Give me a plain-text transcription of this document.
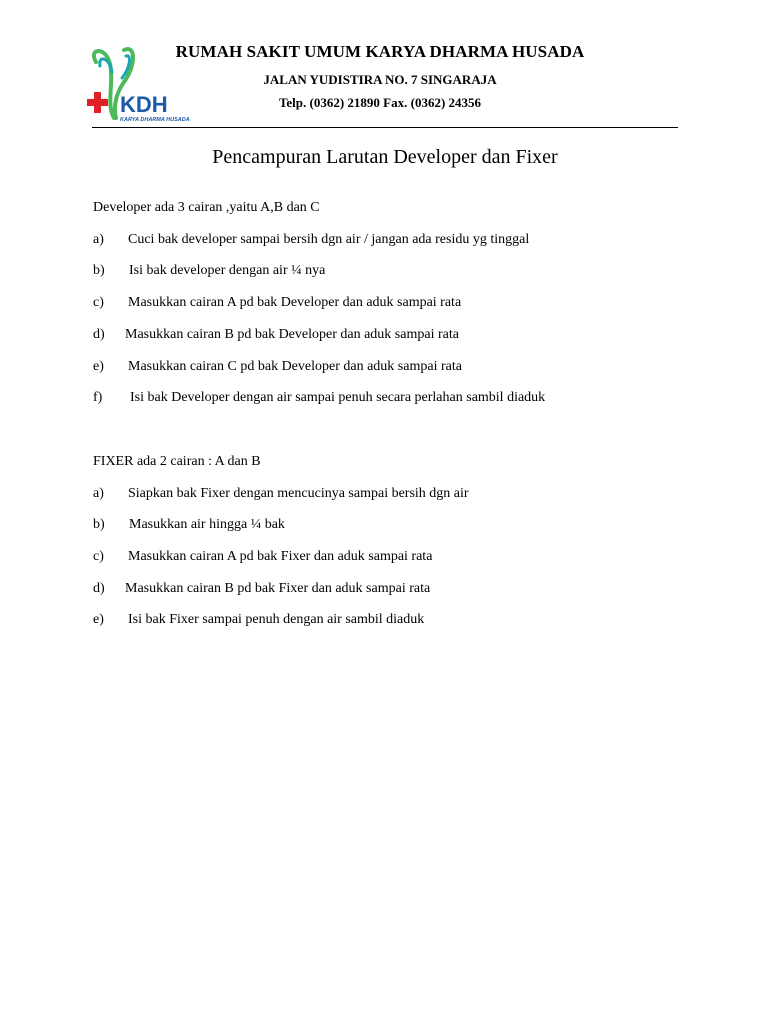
KDH
KARYA DHARMA HUSADA
RUMAH SAKIT UMUM KARYA DHARMA HUSADA
JALAN YUDISTIRA NO. 7 SINGARAJA
Telp. (0362) 21890 Fax. (0362) 24356
Pencampuran Larutan Developer dan Fixer
Developer ada 3 cairan ,yaitu A,B dan C
a) Cuci bak developer sampai bersih dgn air / jangan ada residu yg tinggal
b) Isi bak developer dengan air ¼ nya
c) Masukkan cairan A pd bak Developer dan aduk sampai rata
d) Masukkan cairan B pd bak Developer dan aduk sampai rata
e) Masukkan cairan C pd bak Developer dan aduk sampai rata
f) Isi bak Developer dengan air sampai penuh secara perlahan sambil diaduk
FIXER ada 2 cairan : A dan B
a) Siapkan bak Fixer dengan mencucinya sampai bersih dgn air
b) Masukkan air hingga ¼ bak
c) Masukkan cairan A pd bak Fixer dan aduk sampai rata
d) Masukkan cairan B pd bak Fixer dan aduk sampai rata
e) Isi bak Fixer sampai penuh dengan air sambil diaduk
